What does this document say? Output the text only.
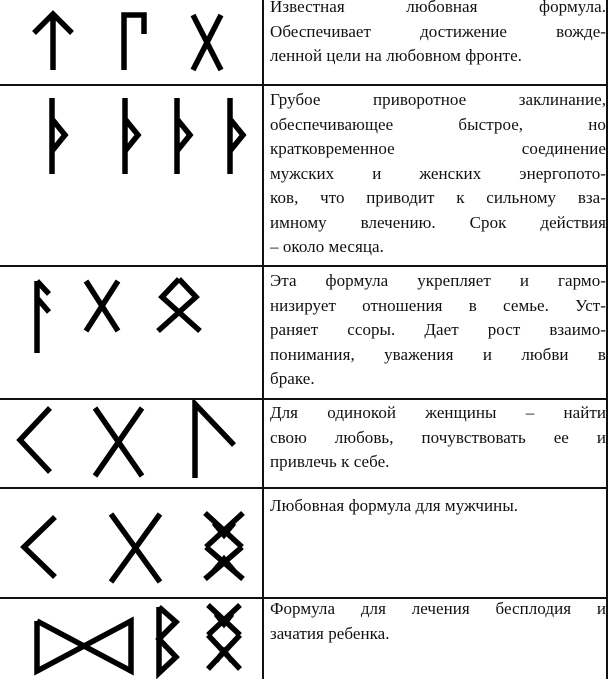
Известная любовная формула.
Обеспечивает достижение вожде-
ленной цели на любовном фронте.
Грубое приворотное заклинание,
обеспечивающее быстрое, но
кратковременное соединение
мужских и женских энергопото-
ков, что приводит к сильному вза-
имному влечению. Срок действия
– около месяца.
Эта формула укрепляет и гармо-
низирует отношения в семье. Уст-
раняет ссоры. Дает рост взаимо-
понимания, уважения и любви в
браке.
Для одинокой женщины – найти
свою любовь, почувствовать ее и
привлечь к себе.
Любовная формула для мужчины.
Формула для лечения бесплодия и
зачатия ребенка.
